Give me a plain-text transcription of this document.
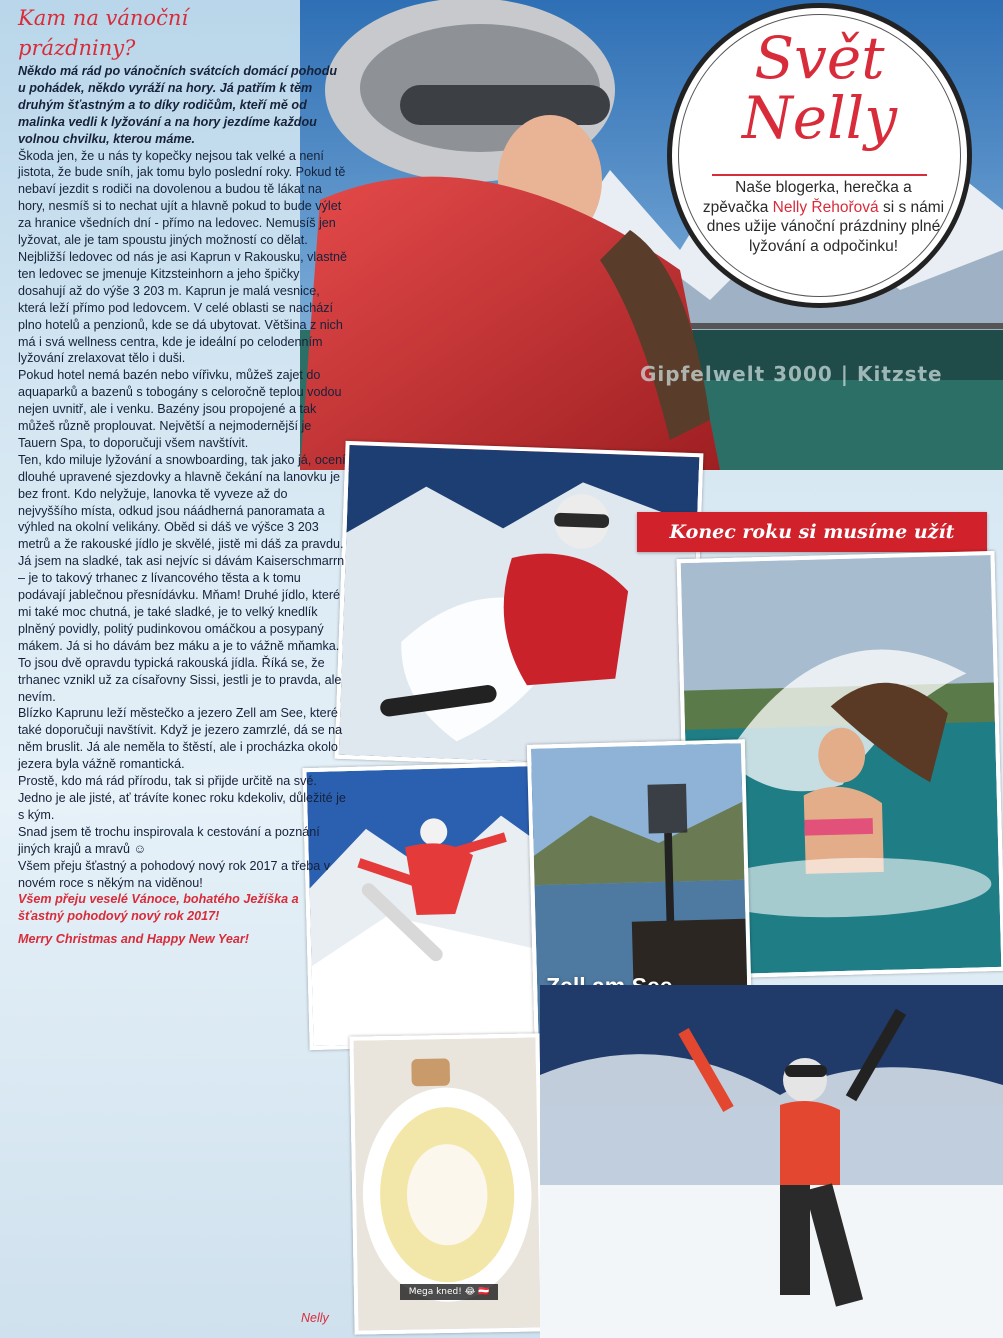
Gipfelwelt 3000 | Kitzste
Svět
Nelly
Naše blogerka, herečka a zpěvačka Nelly Řehořová si s námi dnes užije vánoční prázdniny plné lyžování a odpočinku!
Konec roku si musíme užít
Mega kned! 😂 🇦🇹
Kam na vánoční
prázdniny?

Někdo má rád po vánočních svátcích domácí pohodu u pohádek, někdo vyráží na hory. Já patřím k těm druhým šťastným a to díky rodičům, kteří mě od malinka vedli k lyžování a na hory jezdíme každou volnou chvilku, kterou máme.

Škoda jen, že u nás ty kopečky nejsou tak velké a není jistota, že bude sníh, jak tomu bylo poslední roky. Pokud tě nebaví jezdit s rodiči na dovolenou a budou tě lákat na hory, nesmíš si to nechat ujít a hlavně pokud to bude výlet za hranice všedních dní - přímo na ledovec. Nemusíš jen lyžovat, ale je tam spoustu jiných možností co dělat.

Nejbližší ledovec od nás je asi Kaprun v Rakousku, vlastně ten ledovec se jmenuje Kitzsteinhorn a jeho špičky dosahují až do výše 3 203 m. Kaprun je malá vesnice, která leží přímo pod ledovcem. V celé oblasti se nachází plno hotelů a penzionů, kde se dá ubytovat. Většina z nich má i svá wellness centra, kde je ideální po celodenním lyžování zrelaxovat tělo i duši.

Pokud hotel nemá bazén nebo vířivku, můžeš zajet do aquaparků a bazenů s tobogány s celoročně teplou vodou nejen uvnitř, ale i venku. Bazény jsou propojené a tak můžeš různě proplouvat. Největší a nejmodernější je Tauern Spa, to doporučuji všem navštívit.

Ten, kdo miluje lyžování a snowboarding, tak jako já, ocení dlouhé upravené sjezdovky a hlavně čekání na lanovku je bez front. Kdo nelyžuje, lanovka tě vyveze až do nejvyššího místa, odkud jsou náádherná panoramata a výhled na okolní velikány. Oběd si dáš ve výšce 3 203 metrů a že rakouské jídlo je skvělé, jistě mi dáš za pravdu. Já jsem na sladké, tak asi nejvíc si dávám Kaiserschmarrn – je to takový trhanec z lívancového těsta a k tomu podávají jablečnou přesnídávku. Mňam! Druhé jídlo, které mi také moc chutná, je také sladké, je to velký knedlík plněný povidly, politý pudinkovou omáčkou a posypaný mákem. Já si ho dávám bez máku a je to vážně mňamka. To jsou dvě opravdu typická rakouská jídla. Říká se, že trhanec vznikl už za císařovny Sissi, jestli je to pravda, ale nevím.

Blízko Kaprunu leží městečko a jezero Zell am See, které také doporučuji navštívit. Když je jezero zamrzlé, dá se na něm bruslit. Já ale neměla to štěstí, ale i procházka okolo jezera byla vážně romantická.

Prostě, kdo má rád přírodu, tak si přijde určitě na své. Jedno je ale jisté, ať trávíte konec roku kdekoliv, důležité je s kým.

Snad jsem tě trochu inspirovala k cestování a poznání jiných krajů a mravů ☺

Všem přeju šťastný a pohodový nový rok 2017 a třeba v novém roce s někým na viděnou!

Všem přeju veselé Vánoce, bohatého Ježíška a šťastný pohodový nový rok 2017!

Merry Christmas and Happy New Year!

Nelly
